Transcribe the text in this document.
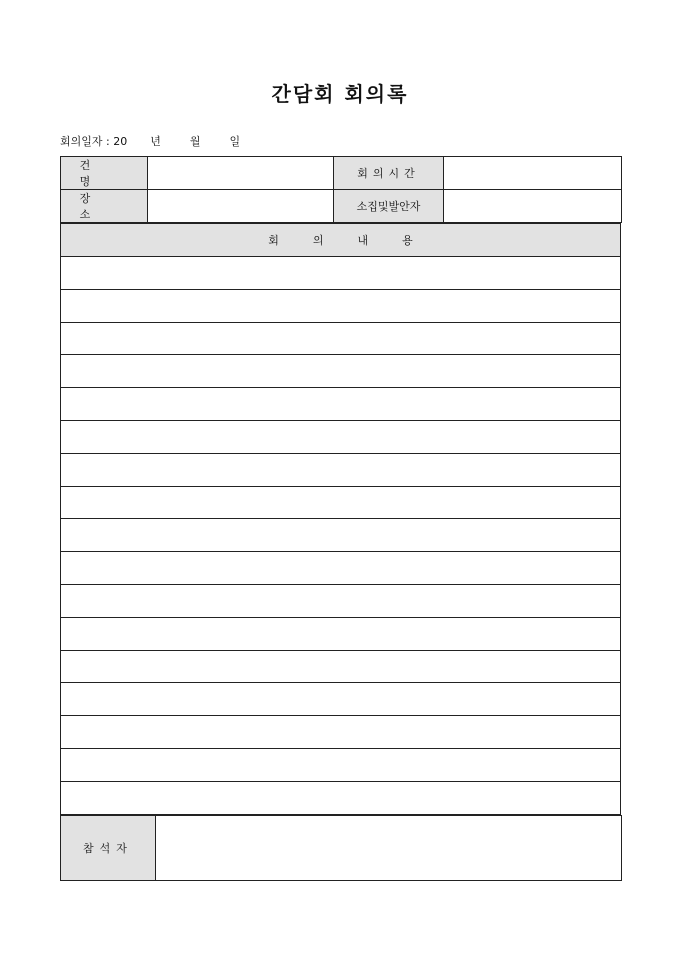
간담회 회의록
회의일자 : 20 년	월	일
건 명		회의시간	
장 소		소집및발안자	
회의내용

참석자	
